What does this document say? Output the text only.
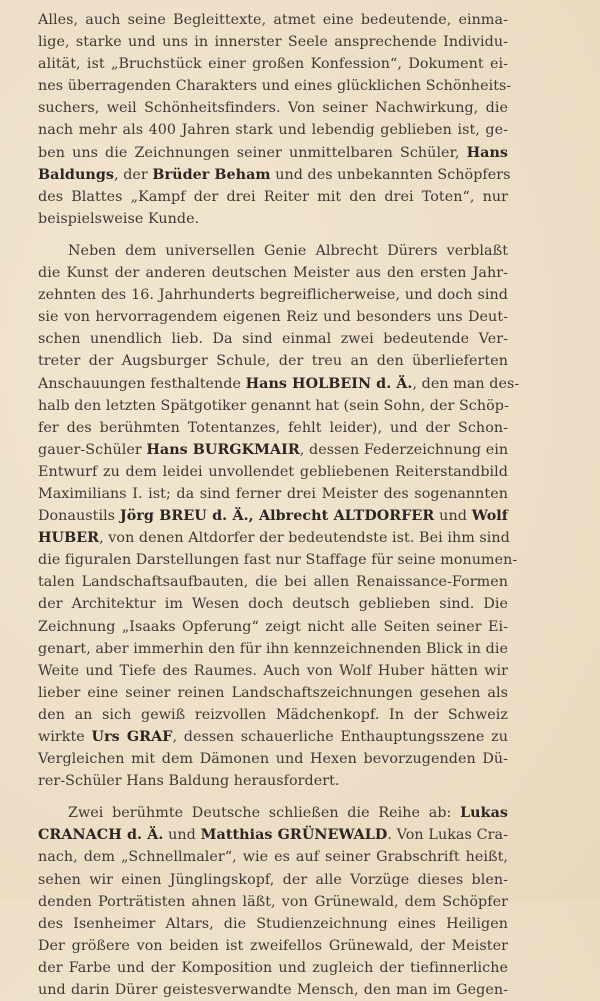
Alles, auch seine Begleittexte, atmet eine bedeutende, einma-
lige, starke und uns in innerster Seele ansprechende Individu-
alität, ist „Bruchstück einer großen Konfession“, Dokument ei-
nes überragenden Charakters und eines glücklichen Schönheits-
suchers, weil Schönheitsfinders. Von seiner Nachwirkung, die
nach mehr als 400 Jahren stark und lebendig geblieben ist, ge-
ben uns die Zeichnungen seiner unmittelbaren Schüler, Hans
Baldungs, der Brüder Beham und des unbekannten Schöpfers
des Blattes „Kampf der drei Reiter mit den drei Toten“, nur
beispielsweise Kunde.
Neben dem universellen Genie Albrecht Dürers verblaßt
die Kunst der anderen deutschen Meister aus den ersten Jahr-
zehnten des 16. Jahrhunderts begreiflicherweise, und doch sind
sie von hervorragendem eigenen Reiz und besonders uns Deut-
schen unendlich lieb. Da sind einmal zwei bedeutende Ver-
treter der Augsburger Schule, der treu an den überlieferten
Anschauungen festhaltende Hans HOLBEIN d. Ä., den man des-
halb den letzten Spätgotiker genannt hat (sein Sohn, der Schöp-
fer des berühmten Totentanzes, fehlt leider), und der Schon-
gauer-Schüler Hans BURGKMAIR, dessen Federzeichnung ein
Entwurf zu dem leidei unvollendet gebliebenen Reiterstandbild
Maximilians I. ist; da sind ferner drei Meister des sogenannten
Donaustils Jörg BREU d. Ä., Albrecht ALTDORFER und Wolf
HUBER, von denen Altdorfer der bedeutendste ist. Bei ihm sind
die figuralen Darstellungen fast nur Staffage für seine monumen-
talen Landschaftsaufbauten, die bei allen Renaissance-Formen
der Architektur im Wesen doch deutsch geblieben sind. Die
Zeichnung „Isaaks Opferung“ zeigt nicht alle Seiten seiner Ei-
genart, aber immerhin den für ihn kennzeichnenden Blick in die
Weite und Tiefe des Raumes. Auch von Wolf Huber hätten wir
lieber eine seiner reinen Landschaftszeichnungen gesehen als
den an sich gewiß reizvollen Mädchenkopf. In der Schweiz
wirkte Urs GRAF, dessen schauerliche Enthauptungsszene zu
Vergleichen mit dem Dämonen und Hexen bevorzugenden Dü-
rer-Schüler Hans Baldung herausfordert.
Zwei berühmte Deutsche schließen die Reihe ab: Lukas
CRANACH d. Ä. und Matthias GRÜNEWALD. Von Lukas Cra-
nach, dem „Schnellmaler“, wie es auf seiner Grabschrift heißt,
sehen wir einen Jünglingskopf, der alle Vorzüge dieses blen-
denden Porträtisten ahnen läßt, von Grünewald, dem Schöpfer
des Isenheimer Altars, die Studienzeichnung eines Heiligen
Der größere von beiden ist zweifellos Grünewald, der Meister
der Farbe und der Komposition und zugleich der tiefinnerliche
und darin Dürer geistesverwandte Mensch, den man im Gegen-
